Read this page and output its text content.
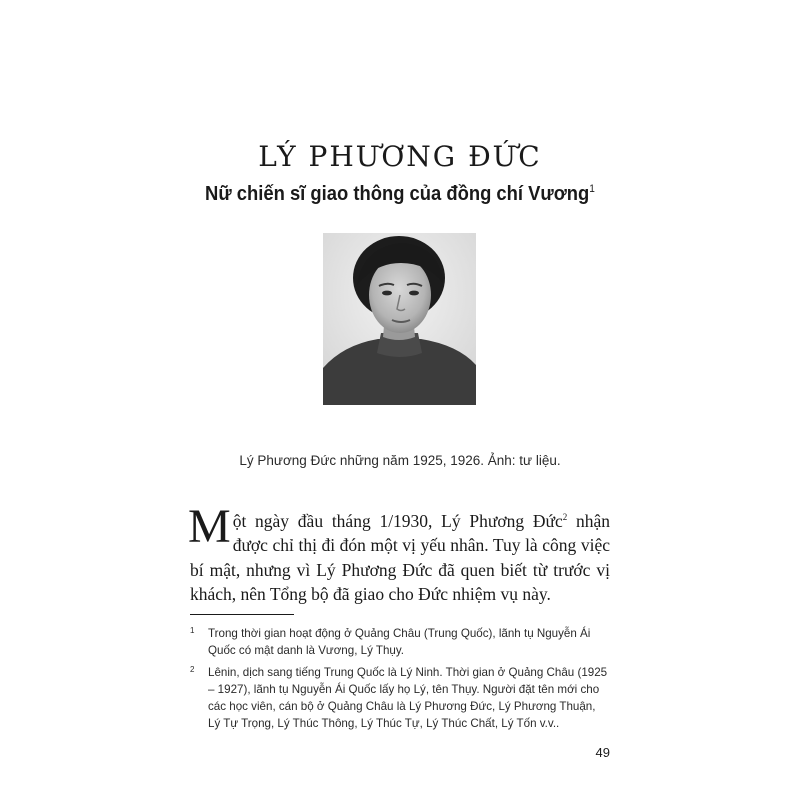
LÝ PHƯƠNG ĐỨC
Nữ chiến sĩ giao thông của đồng chí Vương$^1$
Lý Phương Đức những năm 1925, 1926. Ảnh: tư liệu.
Một ngày đầu tháng 1/1930, Lý Phương Đức$^2$ nhận được chỉ thị đi đón một vị yếu nhân. Tuy là công việc bí mật, nhưng vì Lý Phương Đức đã quen biết từ trước vị khách, nên Tổng bộ đã giao cho Đức nhiệm vụ này.
1 Trong thời gian hoạt động ở Quảng Châu (Trung Quốc), lãnh tụ Nguyễn Ái Quốc có mật danh là Vương, Lý Thụy.
2 Lênin, dịch sang tiếng Trung Quốc là Lý Ninh. Thời gian ở Quảng Châu (1925 – 1927), lãnh tụ Nguyễn Ái Quốc lấy họ Lý, tên Thụy. Người đặt tên mới cho các học viên, cán bộ ở Quảng Châu là Lý Phương Đức, Lý Phương Thuận, Lý Tự Trọng, Lý Thúc Thông, Lý Thúc Tự, Lý Thúc Chất, Lý Tốn v.v..
49
